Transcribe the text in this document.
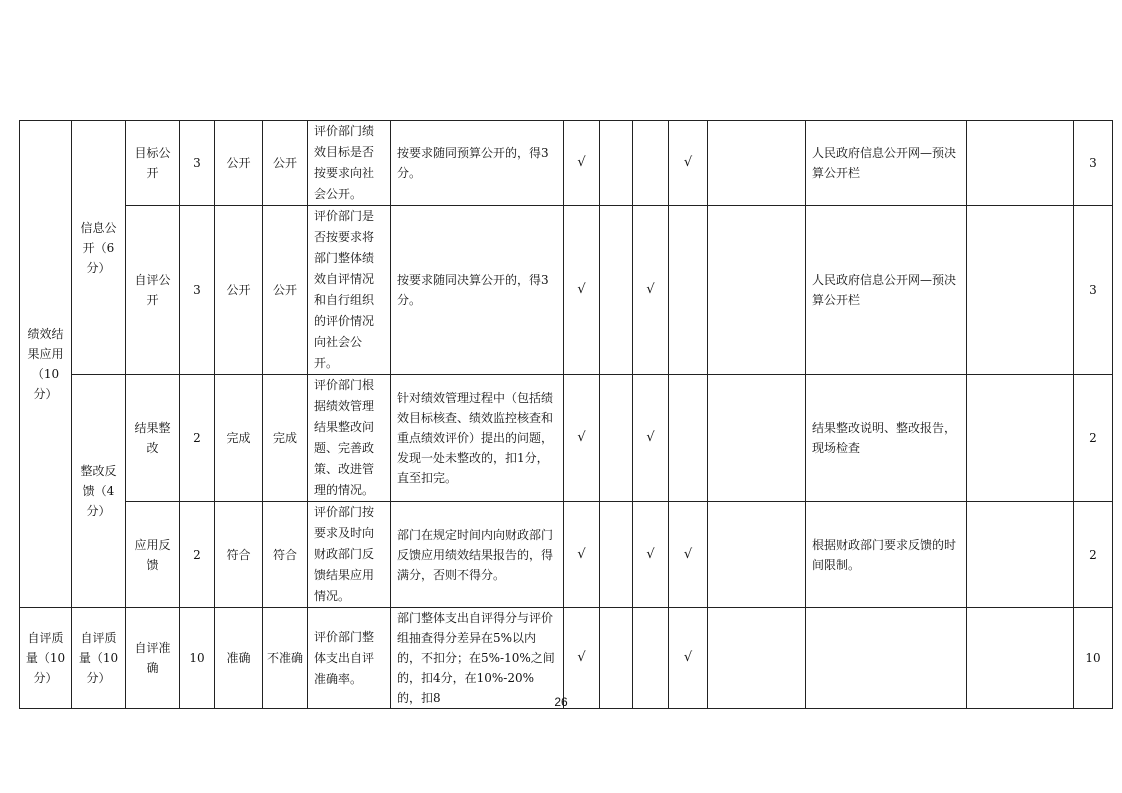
绩效结果应用（10分）	信息公开（6分）	目标公开	3	公开	公开	评价部门绩效目标是否按要求向社会公开。	按要求随同预算公开的，得3分。	√			√		人民政府信息公开网—预决算公开栏		3
		自评公开	3	公开	公开	评价部门是否按要求将部门整体绩效自评情况和自行组织的评价情况向社会公开。	按要求随同决算公开的，得3分。	√		√			人民政府信息公开网—预决算公开栏		3
	整改反馈（4分）	结果整改	2	完成	完成	评价部门根据绩效管理结果整改问题、完善政策、改进管理的情况。	针对绩效管理过程中（包括绩效目标核查、绩效监控核查和重点绩效评价）提出的问题，发现一处未整改的，扣1分，直至扣完。	√		√			结果整改说明、整改报告，现场检查		2
		应用反馈	2	符合	符合	评价部门按要求及时向财政部门反馈结果应用情况。	部门在规定时间内向财政部门反馈应用绩效结果报告的，得满分，否则不得分。	√		√	√		根据财政部门要求反馈的时间限制。		2
自评质量（10分）	自评质量（10分）	自评准确	10	准确	不准确	评价部门整体支出自评准确率。	部门整体支出自评得分与评价组抽查得分差异在5%以内的，不扣分；在5%-10%之间的，扣4分，在10%-20%的，扣8	√			√				10
26
